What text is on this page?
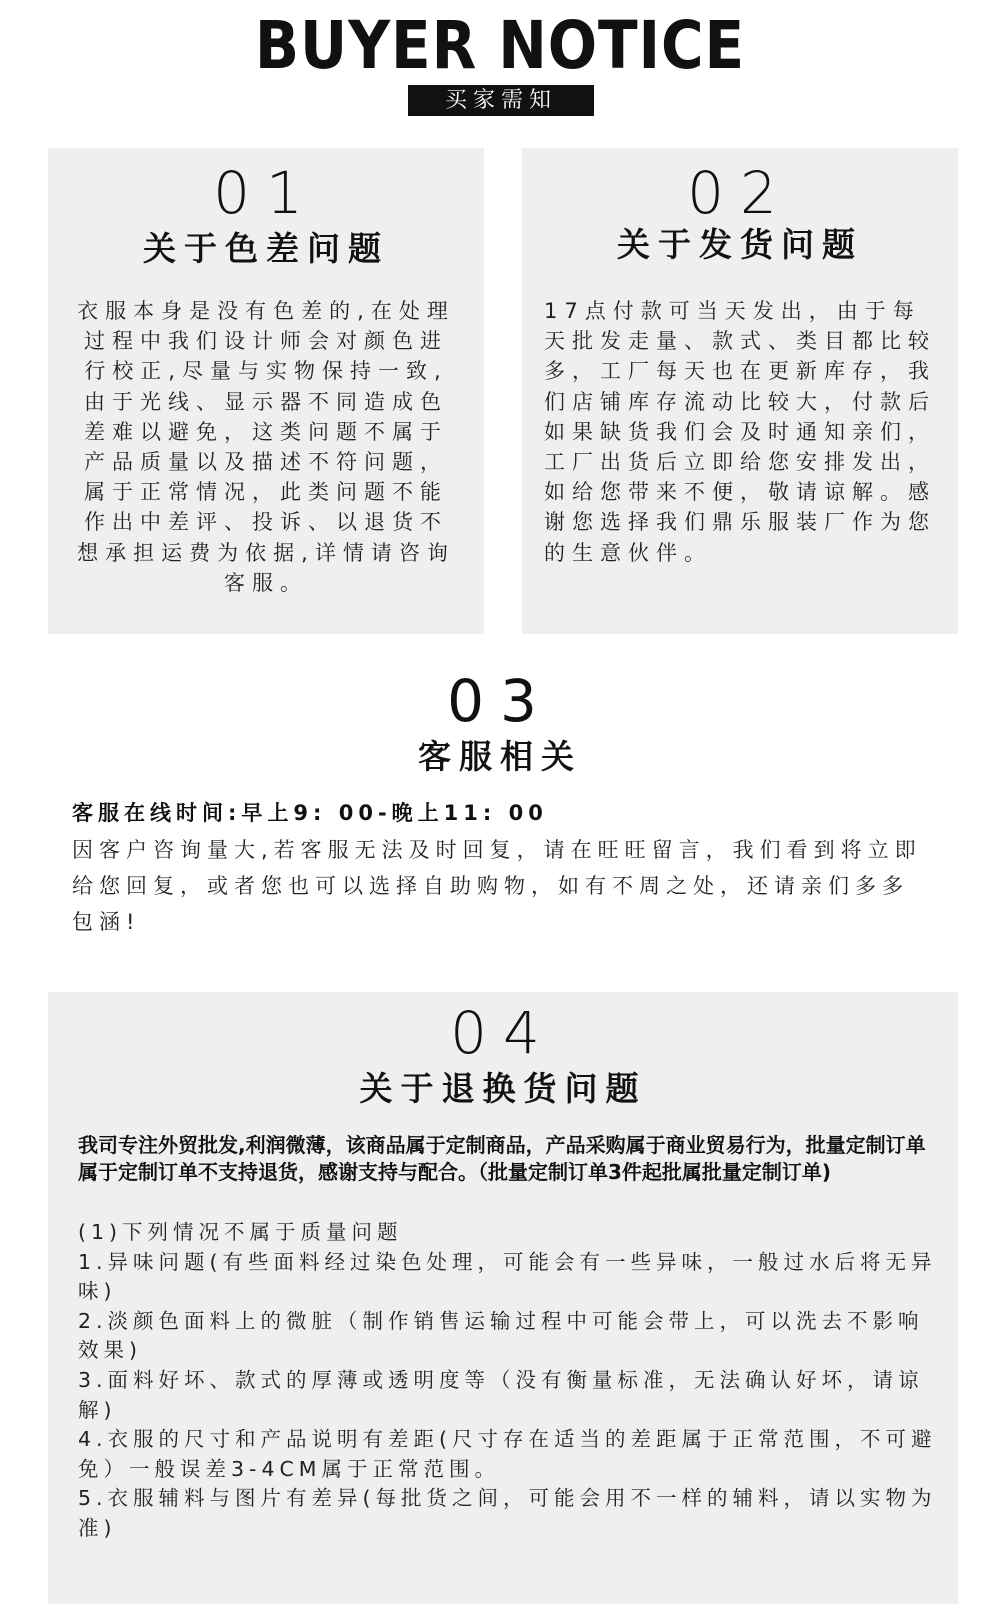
BUYER NOTICE
买家需知
01
关于色差问题
衣服本身是没有色差的,在处理过程中我们设计师会对颜色进行校正,尽量与实物保持一致,由于光线、显示器不同造成色差难以避免，这类问题不属于产品质量以及描述不符问题，属于正常情况，此类问题不能作出中差评、投诉、以退货不想承担运费为依据,详情请咨询客服。
02
关于发货问题
17点付款可当天发出，由于每天批发走量、款式、类目都比较多，工厂每天也在更新库存，我们店铺库存流动比较大，付款后如果缺货我们会及时通知亲们，工厂出货后立即给您安排发出，如给您带来不便，敬请谅解。感谢您选择我们鼎乐服装厂作为您的生意伙伴。
03
客服相关
客服在线时间:早上9: 00-晚上11: 00
因客户咨询量大,若客服无法及时回复，请在旺旺留言，我们看到将立即给您回复，或者您也可以选择自助购物，如有不周之处，还请亲们多多包涵!
04
关于退换货问题
我司专注外贸批发,利润微薄，该商品属于定制商品，产品采购属于商业贸易行为，批量定制订单属于定制订单不支持退货，感谢支持与配合。（批量定制订单3件起批属批量定制订单)

(1)下列情况不属于质量问题

1.异味问题(有些面料经过染色处理，可能会有一些异味，一般过水后将无异味)

2.淡颜色面料上的微脏（制作销售运输过程中可能会带上，可以洗去不影响效果)

3.面料好坏、款式的厚薄或透明度等（没有衡量标准，无法确认好坏，请谅解)

4.衣服的尺寸和产品说明有差距(尺寸存在适当的差距属于正常范围，不可避免）一般误差3-4CM属于正常范围。

5.衣服辅料与图片有差异(每批货之间，可能会用不一样的辅料，请以实物为准)
